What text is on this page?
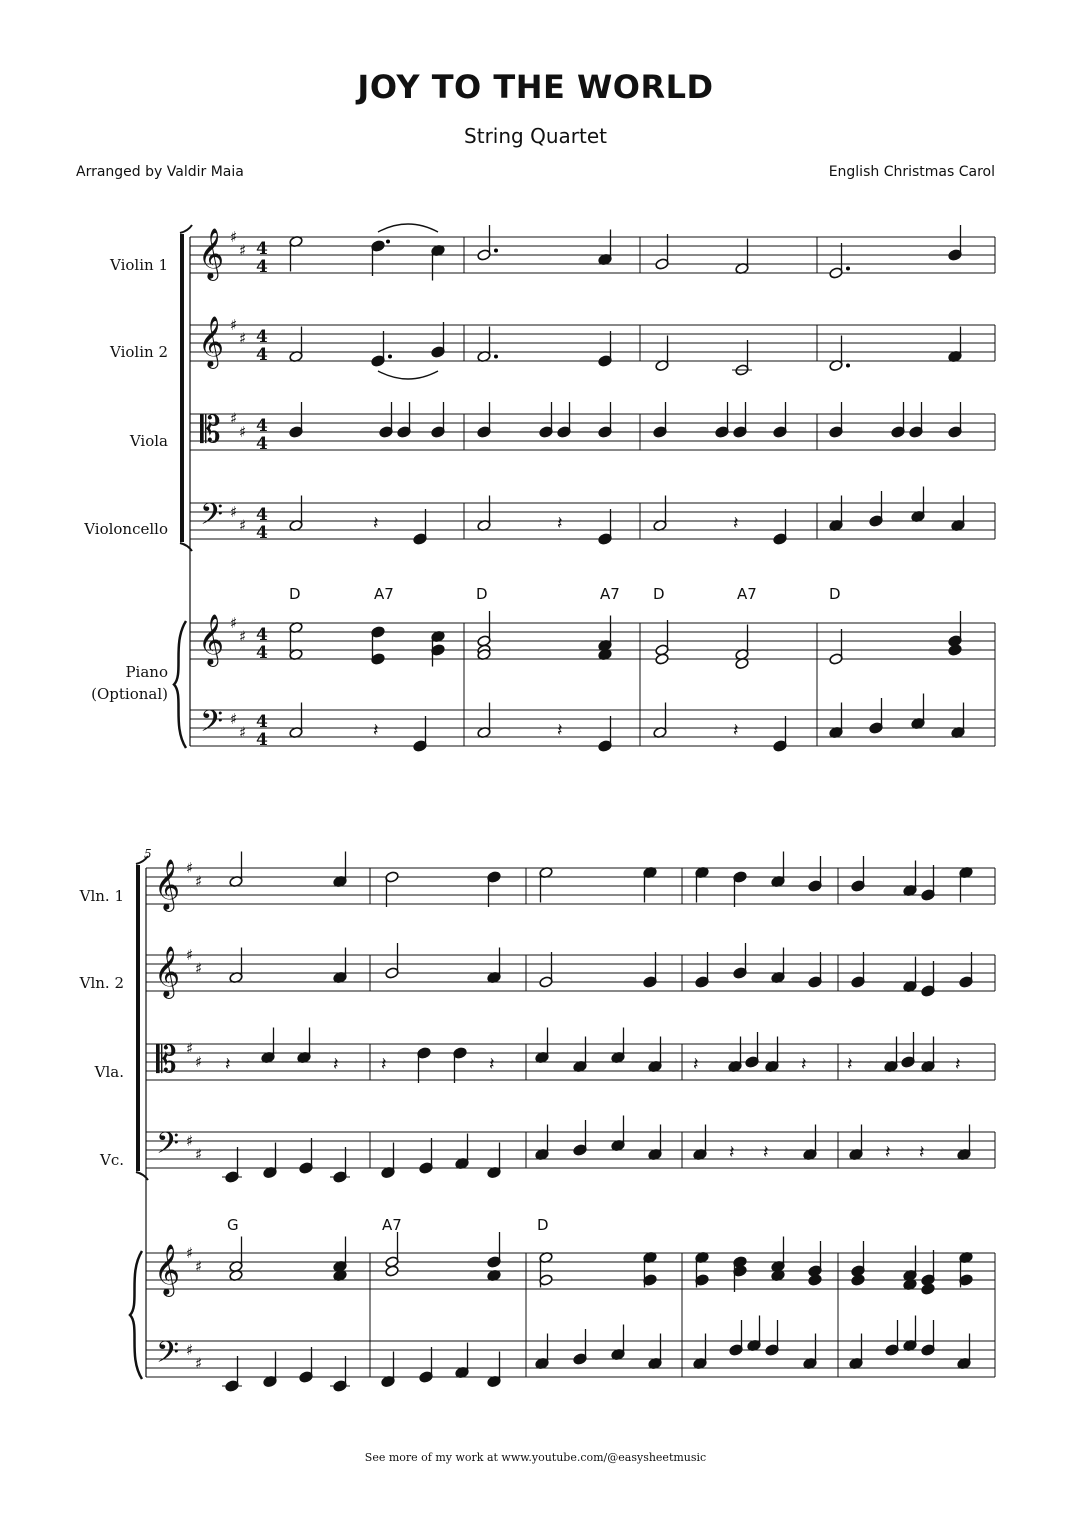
JOY TO THE WORLD
String Quartet
Arranged by Valdir Maia	English Christmas Carol
Violin 1
Violin 2
Viola
Violoncello
Piano
(Optional)
5
Vln. 1
Vln. 2
Vla.
Vc.
D	A7	D	A7 D	A7	D
G	A7	D
𝄞 ♯
♯ 4
4
𝄞 ♯
♯ 4
4
𝄡 ♯
♯ 4
4
𝄢 ♯
♯
4
4
𝄞 ♯
♯ 4
4
𝄢 ♯
♯
4
4
𝄞 ♯
♯
𝄞 ♯
♯
𝄡 ♯
♯
𝄢 ♯
♯
𝄞 ♯
♯
𝄢 ♯
♯
𝄽	𝄽	𝄽
𝄽	𝄽	𝄽
𝄽	𝄽 𝄽	𝄽	𝄽	𝄽 𝄽	𝄽
𝄽 𝄽	𝄽 𝄽
See more of my work at www.youtube.com/@easysheetmusic
